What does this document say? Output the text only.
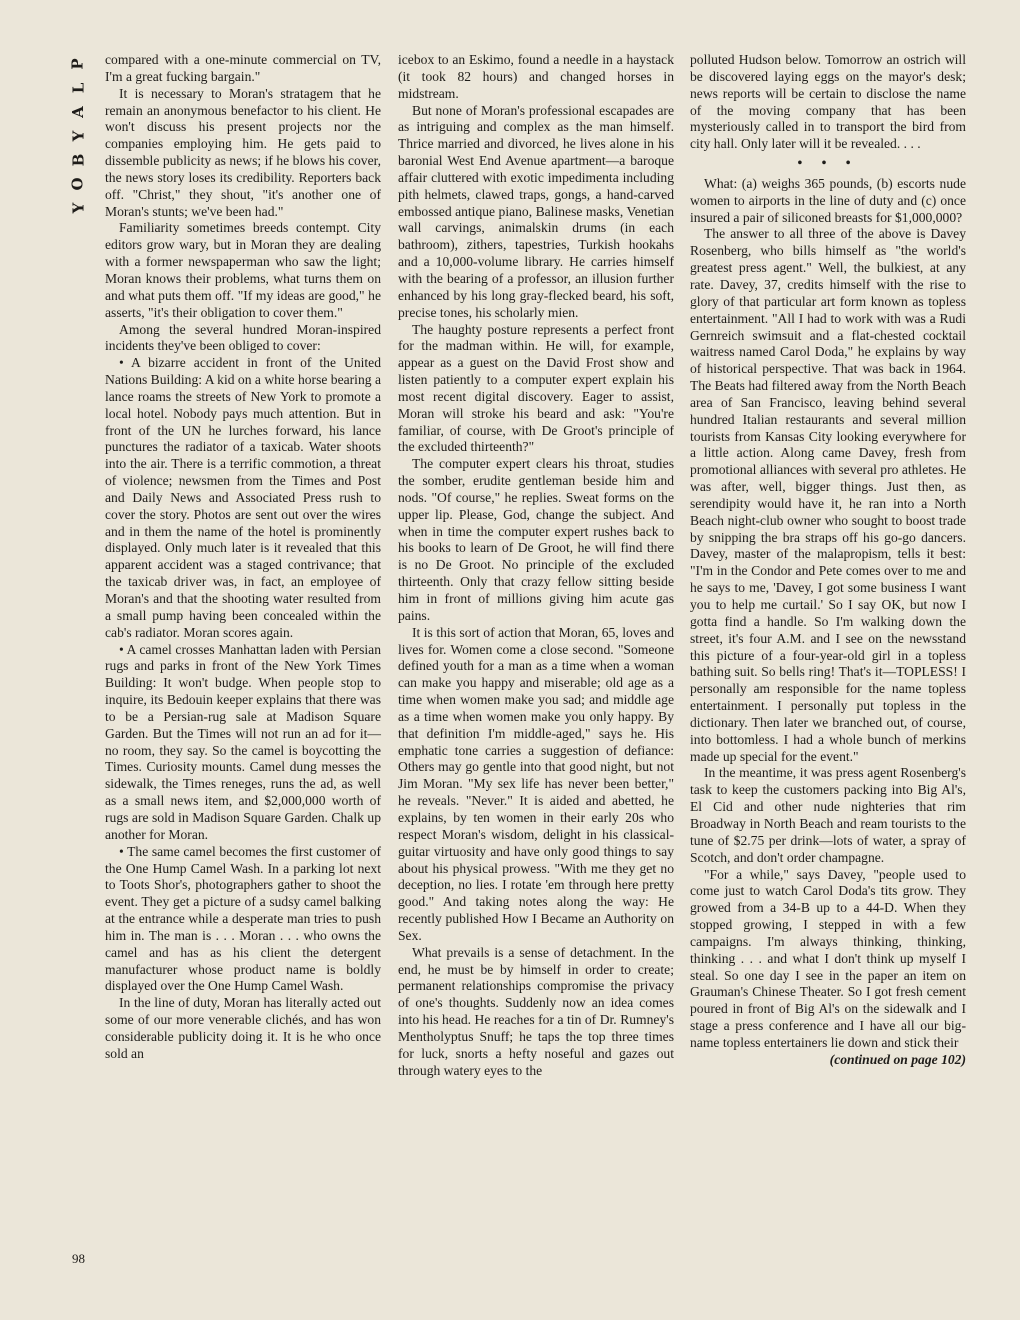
P
L
A
Y
B
O
Y
98

compared with a one-minute commercial on TV, I'm a great fucking bargain."

It is necessary to Moran's stratagem that he remain an anonymous benefactor to his client. He won't discuss his present projects nor the companies employing him. He gets paid to dissemble publicity as news; if he blows his cover, the news story loses its credibility. Reporters back off. "Christ," they shout, "it's another one of Moran's stunts; we've been had."

Familiarity sometimes breeds contempt. City editors grow wary, but in Moran they are dealing with a former newspaperman who saw the light; Moran knows their problems, what turns them on and what puts them off. "If my ideas are good," he asserts, "it's their obligation to cover them."

Among the several hundred Moran-inspired incidents they've been obliged to cover:

• A bizarre accident in front of the United Nations Building: A kid on a white horse bearing a lance roams the streets of New York to promote a local hotel. Nobody pays much attention. But in front of the UN he lurches forward, his lance punctures the radiator of a taxicab. Water shoots into the air. There is a terrific commotion, a threat of violence; newsmen from the Times and Post and Daily News and Associated Press rush to cover the story. Photos are sent out over the wires and in them the name of the hotel is prominently displayed. Only much later is it revealed that this apparent accident was a staged contrivance; that the taxicab driver was, in fact, an employee of Moran's and that the shooting water resulted from a small pump having been concealed within the cab's radiator. Moran scores again.

• A camel crosses Manhattan laden with Persian rugs and parks in front of the New York Times Building: It won't budge. When people stop to inquire, its Bedouin keeper explains that there was to be a Persian-rug sale at Madison Square Garden. But the Times will not run an ad for it—no room, they say. So the camel is boycotting the Times. Curiosity mounts. Camel dung messes the sidewalk, the Times reneges, runs the ad, as well as a small news item, and $2,000,000 worth of rugs are sold in Madison Square Garden. Chalk up another for Moran.

• The same camel becomes the first customer of the One Hump Camel Wash. In a parking lot next to Toots Shor's, photographers gather to shoot the event. They get a picture of a sudsy camel balking at the entrance while a desperate man tries to push him in. The man is . . . Moran . . . who owns the camel and has as his client the detergent manufacturer whose product name is boldly displayed over the One Hump Camel Wash.

In the line of duty, Moran has literally acted out some of our more venerable clichés, and has won considerable publicity doing it. It is he who once sold an

icebox to an Eskimo, found a needle in a haystack (it took 82 hours) and changed horses in midstream.

But none of Moran's professional escapades are as intriguing and complex as the man himself. Thrice married and divorced, he lives alone in his baronial West End Avenue apartment—a baroque affair cluttered with exotic impedimenta including pith helmets, clawed traps, gongs, a hand-carved embossed antique piano, Balinese masks, Venetian wall carvings, animalskin drums (in each bathroom), zithers, tapestries, Turkish hookahs and a 10,000-volume library. He carries himself with the bearing of a professor, an illusion further enhanced by his long gray-flecked beard, his soft, precise tones, his scholarly mien.

The haughty posture represents a perfect front for the madman within. He will, for example, appear as a guest on the David Frost show and listen patiently to a computer expert explain his most recent digital discovery. Eager to assist, Moran will stroke his beard and ask: "You're familiar, of course, with De Groot's principle of the excluded thirteenth?"

The computer expert clears his throat, studies the somber, erudite gentleman beside him and nods. "Of course," he replies. Sweat forms on the upper lip. Please, God, change the subject. And when in time the computer expert rushes back to his books to learn of De Groot, he will find there is no De Groot. No principle of the excluded thirteenth. Only that crazy fellow sitting beside him in front of millions giving him acute gas pains.

It is this sort of action that Moran, 65, loves and lives for. Women come a close second. "Someone defined youth for a man as a time when a woman can make you happy and miserable; old age as a time when women make you sad; and middle age as a time when women make you only happy. By that definition I'm middle-aged," says he. His emphatic tone carries a suggestion of defiance: Others may go gentle into that good night, but not Jim Moran. "My sex life has never been better," he reveals. "Never." It is aided and abetted, he explains, by ten women in their early 20s who respect Moran's wisdom, delight in his classical-guitar virtuosity and have only good things to say about his physical prowess. "With me they get no deception, no lies. I rotate 'em through here pretty good." And taking notes along the way: He recently published How I Became an Authority on Sex.

What prevails is a sense of detachment. In the end, he must be by himself in order to create; permanent relationships compromise the privacy of one's thoughts. Suddenly now an idea comes into his head. He reaches for a tin of Dr. Rumney's Mentholyptus Snuff; he taps the top three times for luck, snorts a hefty noseful and gazes out through watery eyes to the

polluted Hudson below. Tomorrow an ostrich will be discovered laying eggs on the mayor's desk; news reports will be certain to disclose the name of the moving company that has been mysteriously called in to transport the bird from city hall. Only later will it be revealed. . . .

• • •

What: (a) weighs 365 pounds, (b) escorts nude women to airports in the line of duty and (c) once insured a pair of siliconed breasts for $1,000,000?

The answer to all three of the above is Davey Rosenberg, who bills himself as "the world's greatest press agent." Well, the bulkiest, at any rate. Davey, 37, credits himself with the rise to glory of that particular art form known as topless entertainment. "All I had to work with was a Rudi Gernreich swimsuit and a flat-chested cocktail waitress named Carol Doda," he explains by way of historical perspective. That was back in 1964. The Beats had filtered away from the North Beach area of San Francisco, leaving behind several hundred Italian restaurants and several million tourists from Kansas City looking everywhere for a little action. Along came Davey, fresh from promotional alliances with several pro athletes. He was after, well, bigger things. Just then, as serendipity would have it, he ran into a North Beach night-club owner who sought to boost trade by snipping the bra straps off his go-go dancers. Davey, master of the malapropism, tells it best: "I'm in the Condor and Pete comes over to me and he says to me, 'Davey, I got some business I want you to help me curtail.' So I say OK, but now I gotta find a handle. So I'm walking down the street, it's four A.M. and I see on the newsstand this picture of a four-year-old girl in a topless bathing suit. So bells ring! That's it—TOPLESS! I personally am responsible for the name topless entertainment. I personally put topless in the dictionary. Then later we branched out, of course, into bottomless. I had a whole bunch of merkins made up special for the event."

In the meantime, it was press agent Rosenberg's task to keep the customers packing into Big Al's, El Cid and other nude nighteries that rim Broadway in North Beach and ream tourists to the tune of $2.75 per drink—lots of water, a spray of Scotch, and don't order champagne.

"For a while," says Davey, "people used to come just to watch Carol Doda's tits grow. They growed from a 34-B up to a 44-D. When they stopped growing, I stepped in with a few campaigns. I'm always thinking, thinking, thinking . . . and what I don't think up myself I steal. So one day I see in the paper an item on Grauman's Chinese Theater. So I got fresh cement poured in front of Big Al's on the sidewalk and I stage a press conference and I have all our big-name topless entertainers lie down and stick their

(continued on page 102)
